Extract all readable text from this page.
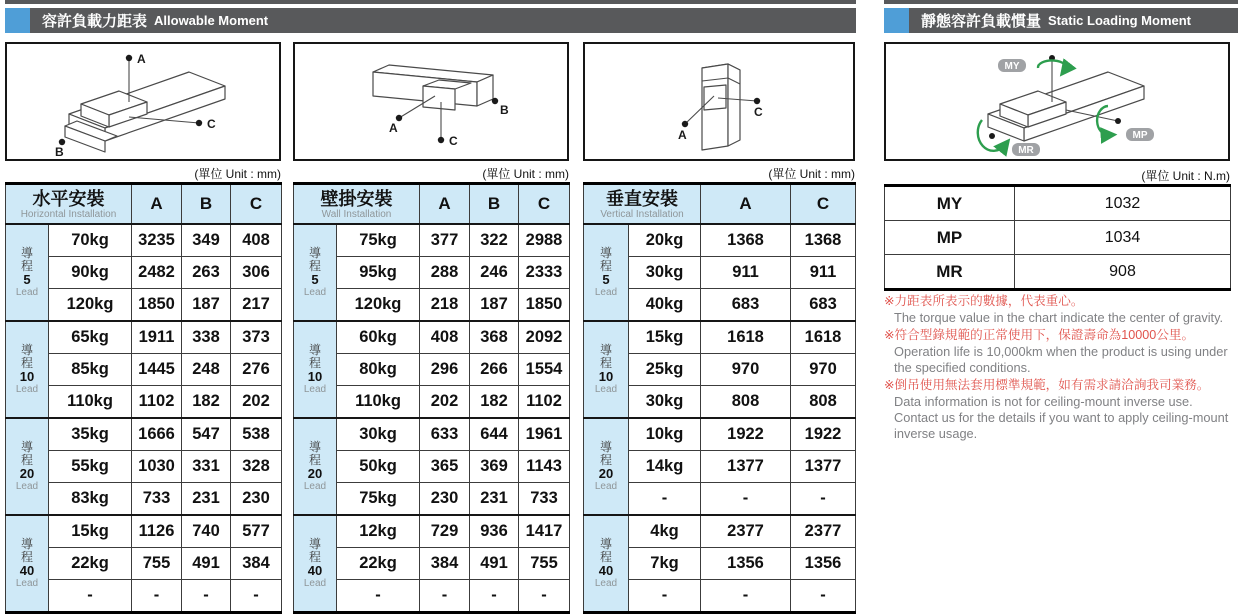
容許負載力距表 Allowable Moment	靜態容許負載慣量 Static Loading Moment
A
C
B
A
C
B
A
C
MY
MP
MR
(單位 Unit : mm)	(單位 Unit : mm)	(單位 Unit : mm)	(單位 Unit : N.m)
水平安裝
Horizontal Installation		A	B	C

導
程
5
Lead	70kg	3235	349	408
	90kg	2482	263	306
	120kg	1850	187	217

導
程
10
Lead	65kg	1911	338	373
	85kg	1445	248	276
	110kg	1102	182	202

導
程
20
Lead	35kg	1666	547	538
	55kg	1030	331	328
	83kg	733	231	230

導
程
40
Lead	15kg	1126	740	577
	22kg	755	491	384
	-	-	-	-
壁掛安裝
Wall Installation		A	B	C

導
程
5
Lead	75kg	377	322	2988
	95kg	288	246	2333
	120kg	218	187	1850

導
程
10
Lead	60kg	408	368	2092
	80kg	296	266	1554
	110kg	202	182	1102

導
程
20
Lead	30kg	633	644	1961
	50kg	365	369	1143
	75kg	230	231	733

導
程
40
Lead	12kg	729	936	1417
	22kg	384	491	755
	-	-	-	-
垂直安裝
Vertical Installation		A	C

導
程
5
Lead	20kg	1368	1368
	30kg	911	911
	40kg	683	683

導
程
10
Lead	15kg	1618	1618
	25kg	970	970
	30kg	808	808

導
程
20
Lead	10kg	1922	1922
	14kg	1377	1377
	-	-	-

導
程
40
Lead	4kg	2377	2377
	7kg	1356	1356
	-	-	-
MY	1032
MP	1034
MR	908
※力距表所表示的數據，代表重心。
The torque value in the chart indicate the center of gravity.
※符合型錄規範的正常使用下，保證壽命為10000公里。
Operation life is 10,000km when the product is using under the specified conditions.
※倒吊使用無法套用標準規範，如有需求請洽詢我司業務。
Data information is not for ceiling-mount inverse use. Contact us for the details if you want to apply ceiling-mount inverse usage.
